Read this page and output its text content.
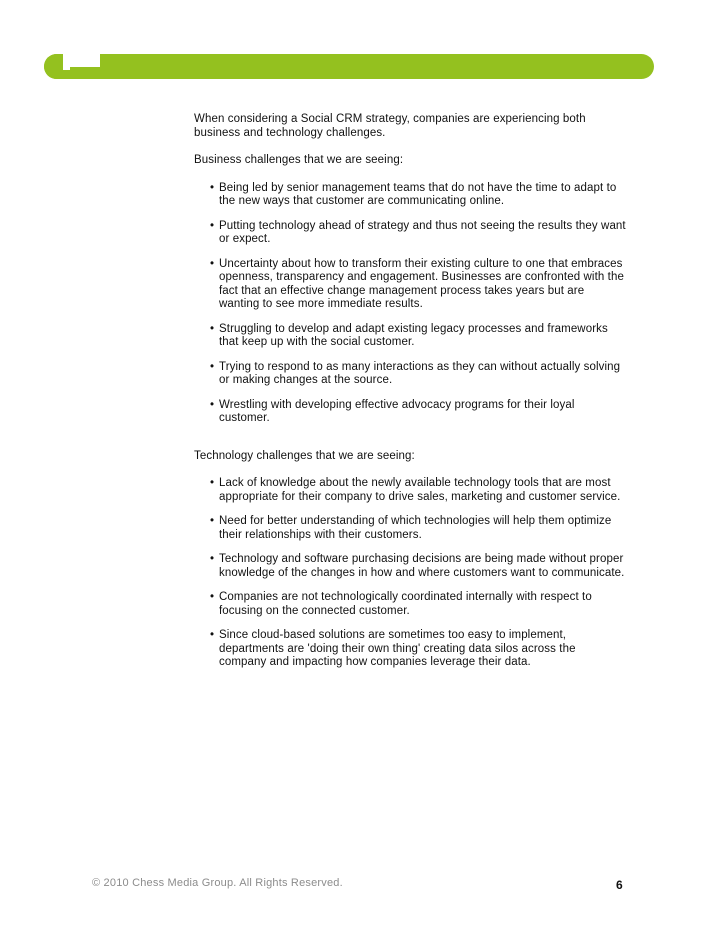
When considering a Social CRM strategy, companies are experiencing both business and technology challenges.

Business challenges that we are seeing:

• Being led by senior management teams that do not have the time to adapt to the new ways that customer are communicating online.
• Putting technology ahead of strategy and thus not seeing the results they want or expect.
• Uncertainty about how to transform their existing culture to one that embraces openness, transparency and engagement. Businesses are confronted with the fact that an effective change management process takes years but are wanting to see more immediate results.
• Struggling to develop and adapt existing legacy processes and frameworks that keep up with the social customer.
• Trying to respond to as many interactions as they can without actually solving or making changes at the source.
• Wrestling with developing effective advocacy programs for their loyal customer.

Technology challenges that we are seeing:

• Lack of knowledge about the newly available technology tools that are most appropriate for their company to drive sales, marketing and customer service.
• Need for better understanding of which technologies will help them optimize their relationships with their customers.
• Technology and software purchasing decisions are being made without proper knowledge of the changes in how and where customers want to communicate.
• Companies are not technologically coordinated internally with respect to focusing on the connected customer.
• Since cloud-based solutions are sometimes too easy to implement, departments are 'doing their own thing' creating data silos across the company and impacting how companies leverage their data.
© 2010 Chess Media Group. All Rights Reserved.	6
